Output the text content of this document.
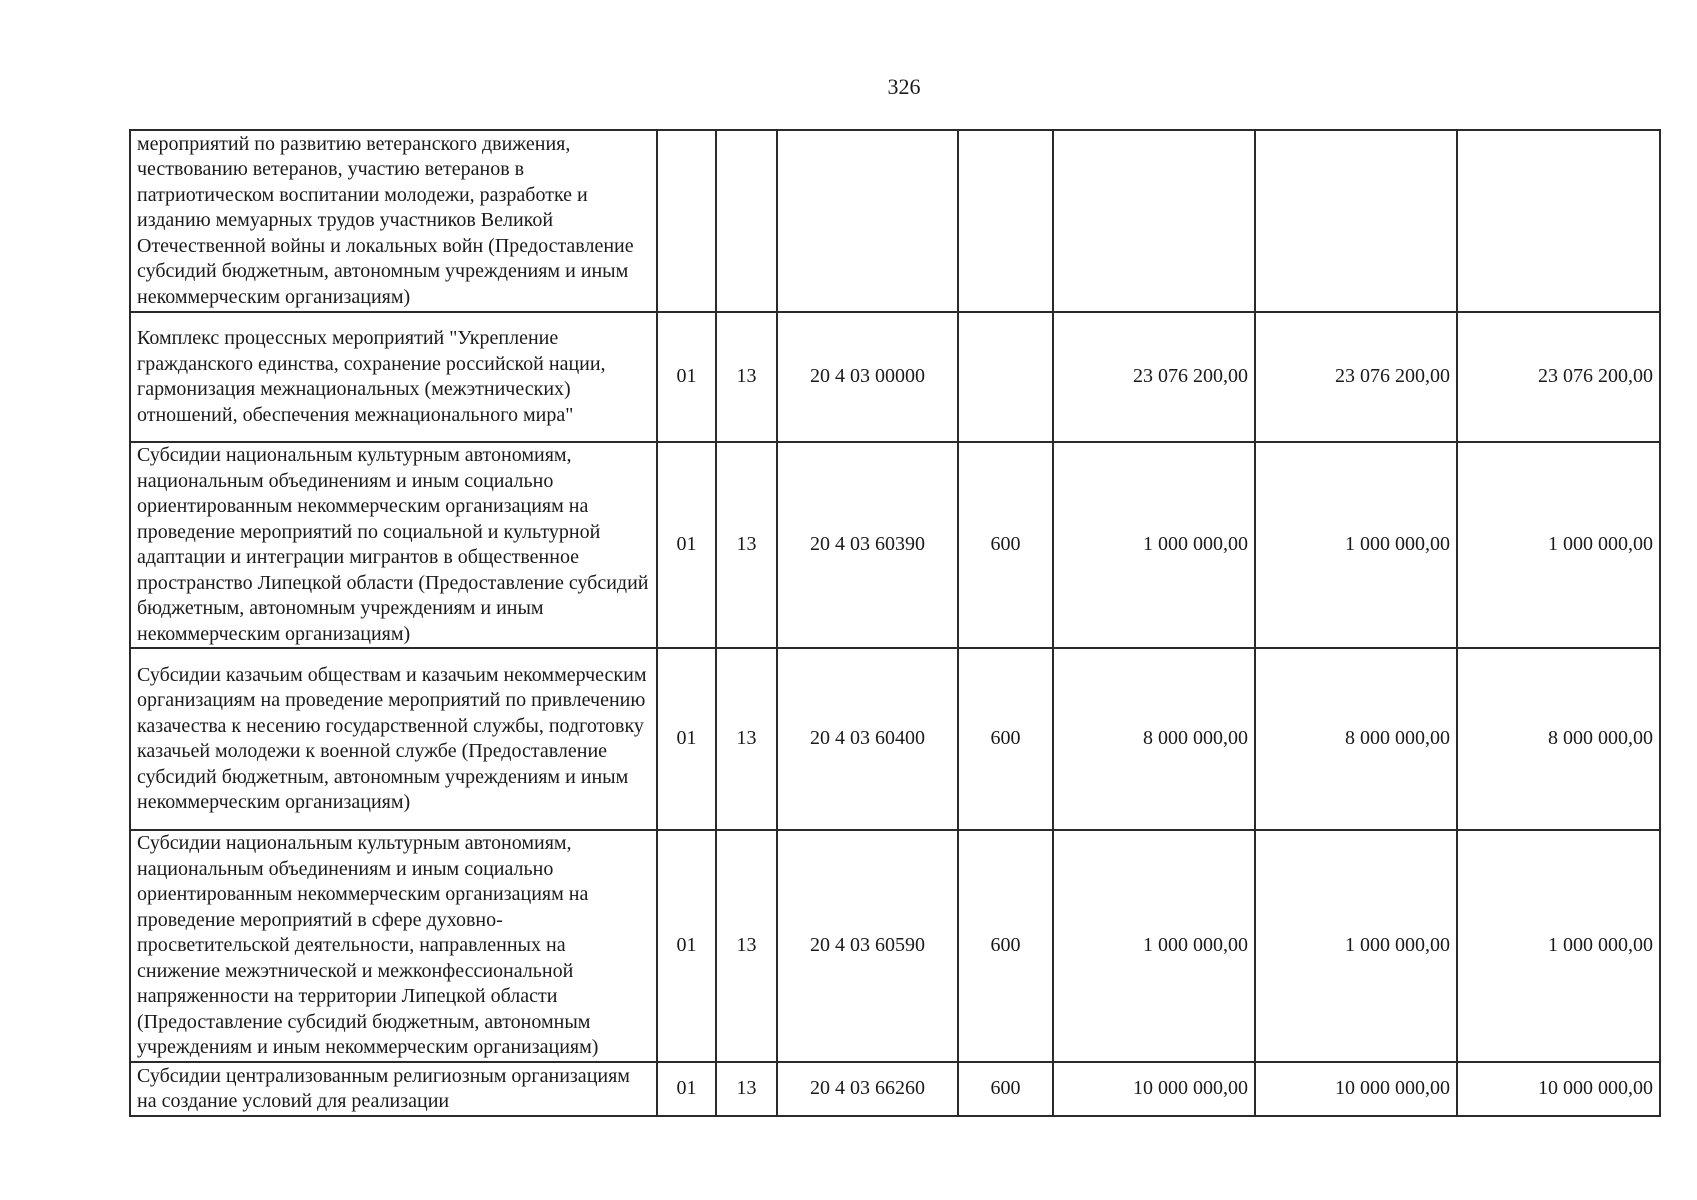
326
мероприятий по развитию ветеранского движения, чествованию ветеранов, участию ветеранов в патриотическом воспитании молодежи, разработке и изданию мемуарных трудов участников Великой Отечественной войны и локальных войн (Предоставление субсидий бюджетным, автономным учреждениям и иным некоммерческим организациям)							
Комплекс процессных мероприятий "Укрепление гражданского единства, сохранение российской нации, гармонизация межнациональных (межэтнических) отношений, обеспечения межнационального мира"	01	13	20 4 03 00000		23 076 200,00	23 076 200,00	23 076 200,00
Субсидии национальным культурным автономиям, национальным объединениям и иным социально ориентированным некоммерческим организациям на проведение мероприятий по социальной и культурной адаптации и интеграции мигрантов в общественное пространство Липецкой области (Предоставление субсидий бюджетным, автономным учреждениям и иным некоммерческим организациям)	01	13	20 4 03 60390	600	1 000 000,00	1 000 000,00	1 000 000,00
Субсидии казачьим обществам и казачьим некоммерческим организациям на проведение мероприятий по привлечению казачества к несению государственной службы, подготовку казачьей молодежи к военной службе (Предоставление субсидий бюджетным, автономным учреждениям и иным некоммерческим организациям)	01	13	20 4 03 60400	600	8 000 000,00	8 000 000,00	8 000 000,00
Субсидии национальным культурным автономиям, национальным объединениям и иным социально ориентированным некоммерческим организациям на проведение мероприятий в сфере духовно-просветительской деятельности, направленных на снижение межэтнической и межконфессиональной напряженности на территории Липецкой области (Предоставление субсидий бюджетным, автономным учреждениям и иным некоммерческим организациям)	01	13	20 4 03 60590	600	1 000 000,00	1 000 000,00	1 000 000,00
Субсидии централизованным религиозным организациям на создание условий для реализации	01	13	20 4 03 66260	600	10 000 000,00	10 000 000,00	10 000 000,00
